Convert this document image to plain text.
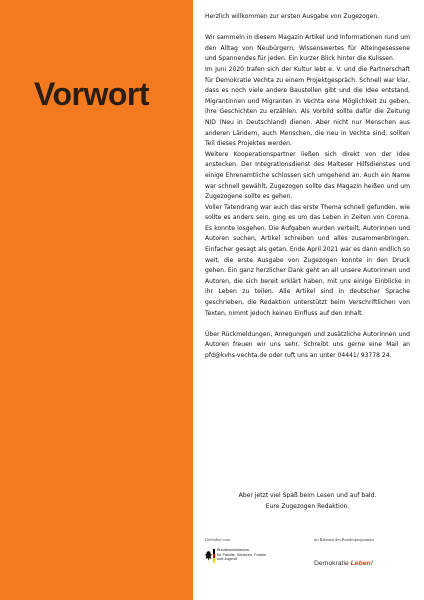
Vorwort

Herzlich willkommen zur ersten Ausgabe von Zugezogen.

Wir sammeln in diesem Magazin Artikel und Informationen rund um den Alltag von Neubürgern, Wissenswertes für Alteingesessene und Spannendes für jeden. Ein kurzer Blick hinter die Kulissen.

Im Juni 2020 trafen sich der Kultur lebt e. V. und die Partnerschaft für Demokratie Vechta zu einem Projektgespräch. Schnell war klar, dass es noch viele andere Baustellen gibt und die Idee entstand, Migrantinnen und Migranten in Vechta eine Möglichkeit zu geben, ihre Geschichten zu erzählen. Als Vorbild sollte dafür die Zeitung NID (Neu in Deutschland) dienen. Aber nicht nur Menschen aus anderen Ländern, auch Menschen, die neu in Vechta sind, sollten Teil dieses Projektes werden.

Weitere Kooperationspartner ließen sich direkt von der Idee anstecken. Der Integrationsdienst des Malteser Hilfsdienstes und einige Ehrenamtliche schlossen sich umgehend an. Auch ein Name war schnell gewählt, Zugezogen sollte das Magazin heißen und um Zugezogene sollte es gehen.

Voller Tatendrang war auch das erste Thema schnell gefunden, wie sollte es anders sein, ging es um das Leben in Zeiten von Corona. Es konnte losgehen. Die Aufgaben wurden verteilt, Autorinnen und Autoren suchen, Artikel schreiben und alles zusammenbringen. Einfacher gesagt als getan. Ende April 2021 war es dann endlich so weit, die erste Ausgabe von Zugezogen konnte in den Druck gehen. Ein ganz herzlicher Dank geht an all unsere Autorinnen und Autoren, die sich bereit erklärt haben, mit uns einige Einblicke in ihr Leben zu teilen. Alle Artikel sind in deutscher Sprache geschrieben, die Redaktion unterstützt beim Verschriftlichen von Texten, nimmt jedoch keinen Einfluss auf den Inhalt.

Über Rückmeldungen, Anregungen und zusätzliche Autorinnen und Autoren freuen wir uns sehr. Schreibt uns gerne eine Mail an pfd@kvhs-vechta.de oder ruft uns an unter 04441/ 93778 24.

Aber jetzt viel Spaß beim Lesen und auf bald.
Eure Zugezogen Redaktion.
Gefördert vom	im Rahmen des Bundesprogramms
Bundesministerium
für Familie, Senioren, Frauen
und Jugend
Demokratie Leben!
